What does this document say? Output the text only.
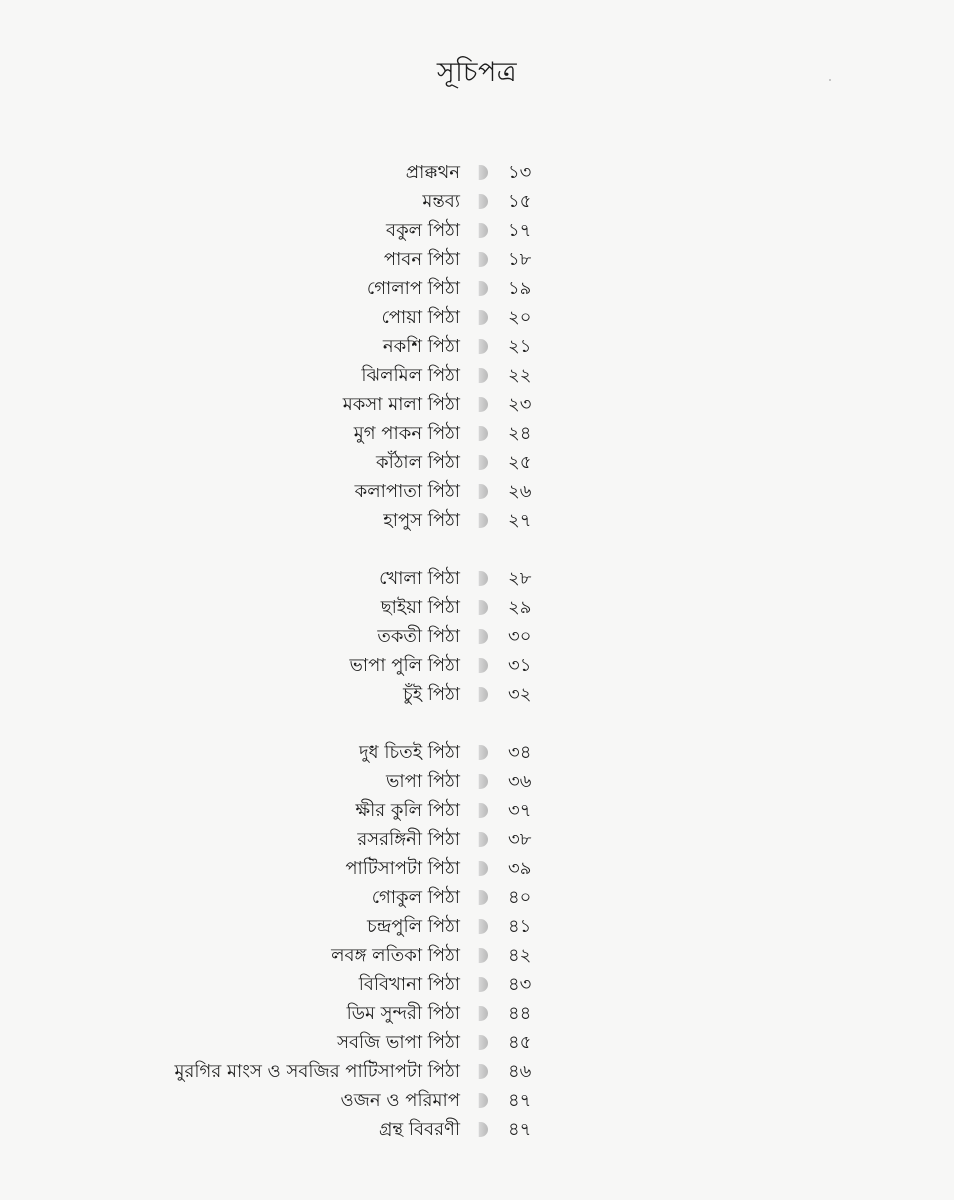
সূচিপত্র
প্রাক্কথন	১৩
মন্তব্য	১৫
বকুল পিঠা	১৭
পাবন পিঠা	১৮
গোলাপ পিঠা	১৯
পোয়া পিঠা	২০
নকশি পিঠা	২১
ঝিলমিল পিঠা	২২
মকসা মালা পিঠা	২৩
মুগ পাকন পিঠা	২৪
কাঁঠাল পিঠা	২৫
কলাপাতা পিঠা	২৬
হাপুস পিঠা	২৭
খোলা পিঠা	২৮
ছাইয়া পিঠা	২৯
তকতী পিঠা	৩০
ভাপা পুলি পিঠা	৩১
চুঁই পিঠা	৩২
দুধ চিতই পিঠা	৩৪
ভাপা পিঠা	৩৬
ক্ষীর কুলি পিঠা	৩৭
রসরঙ্গিনী পিঠা	৩৮
পাটিসাপটা পিঠা	৩৯
গোকুল পিঠা	৪০
চন্দ্রপুলি পিঠা	৪১
লবঙ্গ লতিকা পিঠা	৪২
বিবিখানা পিঠা	৪৩
ডিম সুন্দরী পিঠা	৪৪
সবজি ভাপা পিঠা	৪৫
মুরগির মাংস ও সবজির পাটিসাপটা পিঠা	৪৬
ওজন ও পরিমাপ	৪৭
গ্রন্থ বিবরণী	৪৭
